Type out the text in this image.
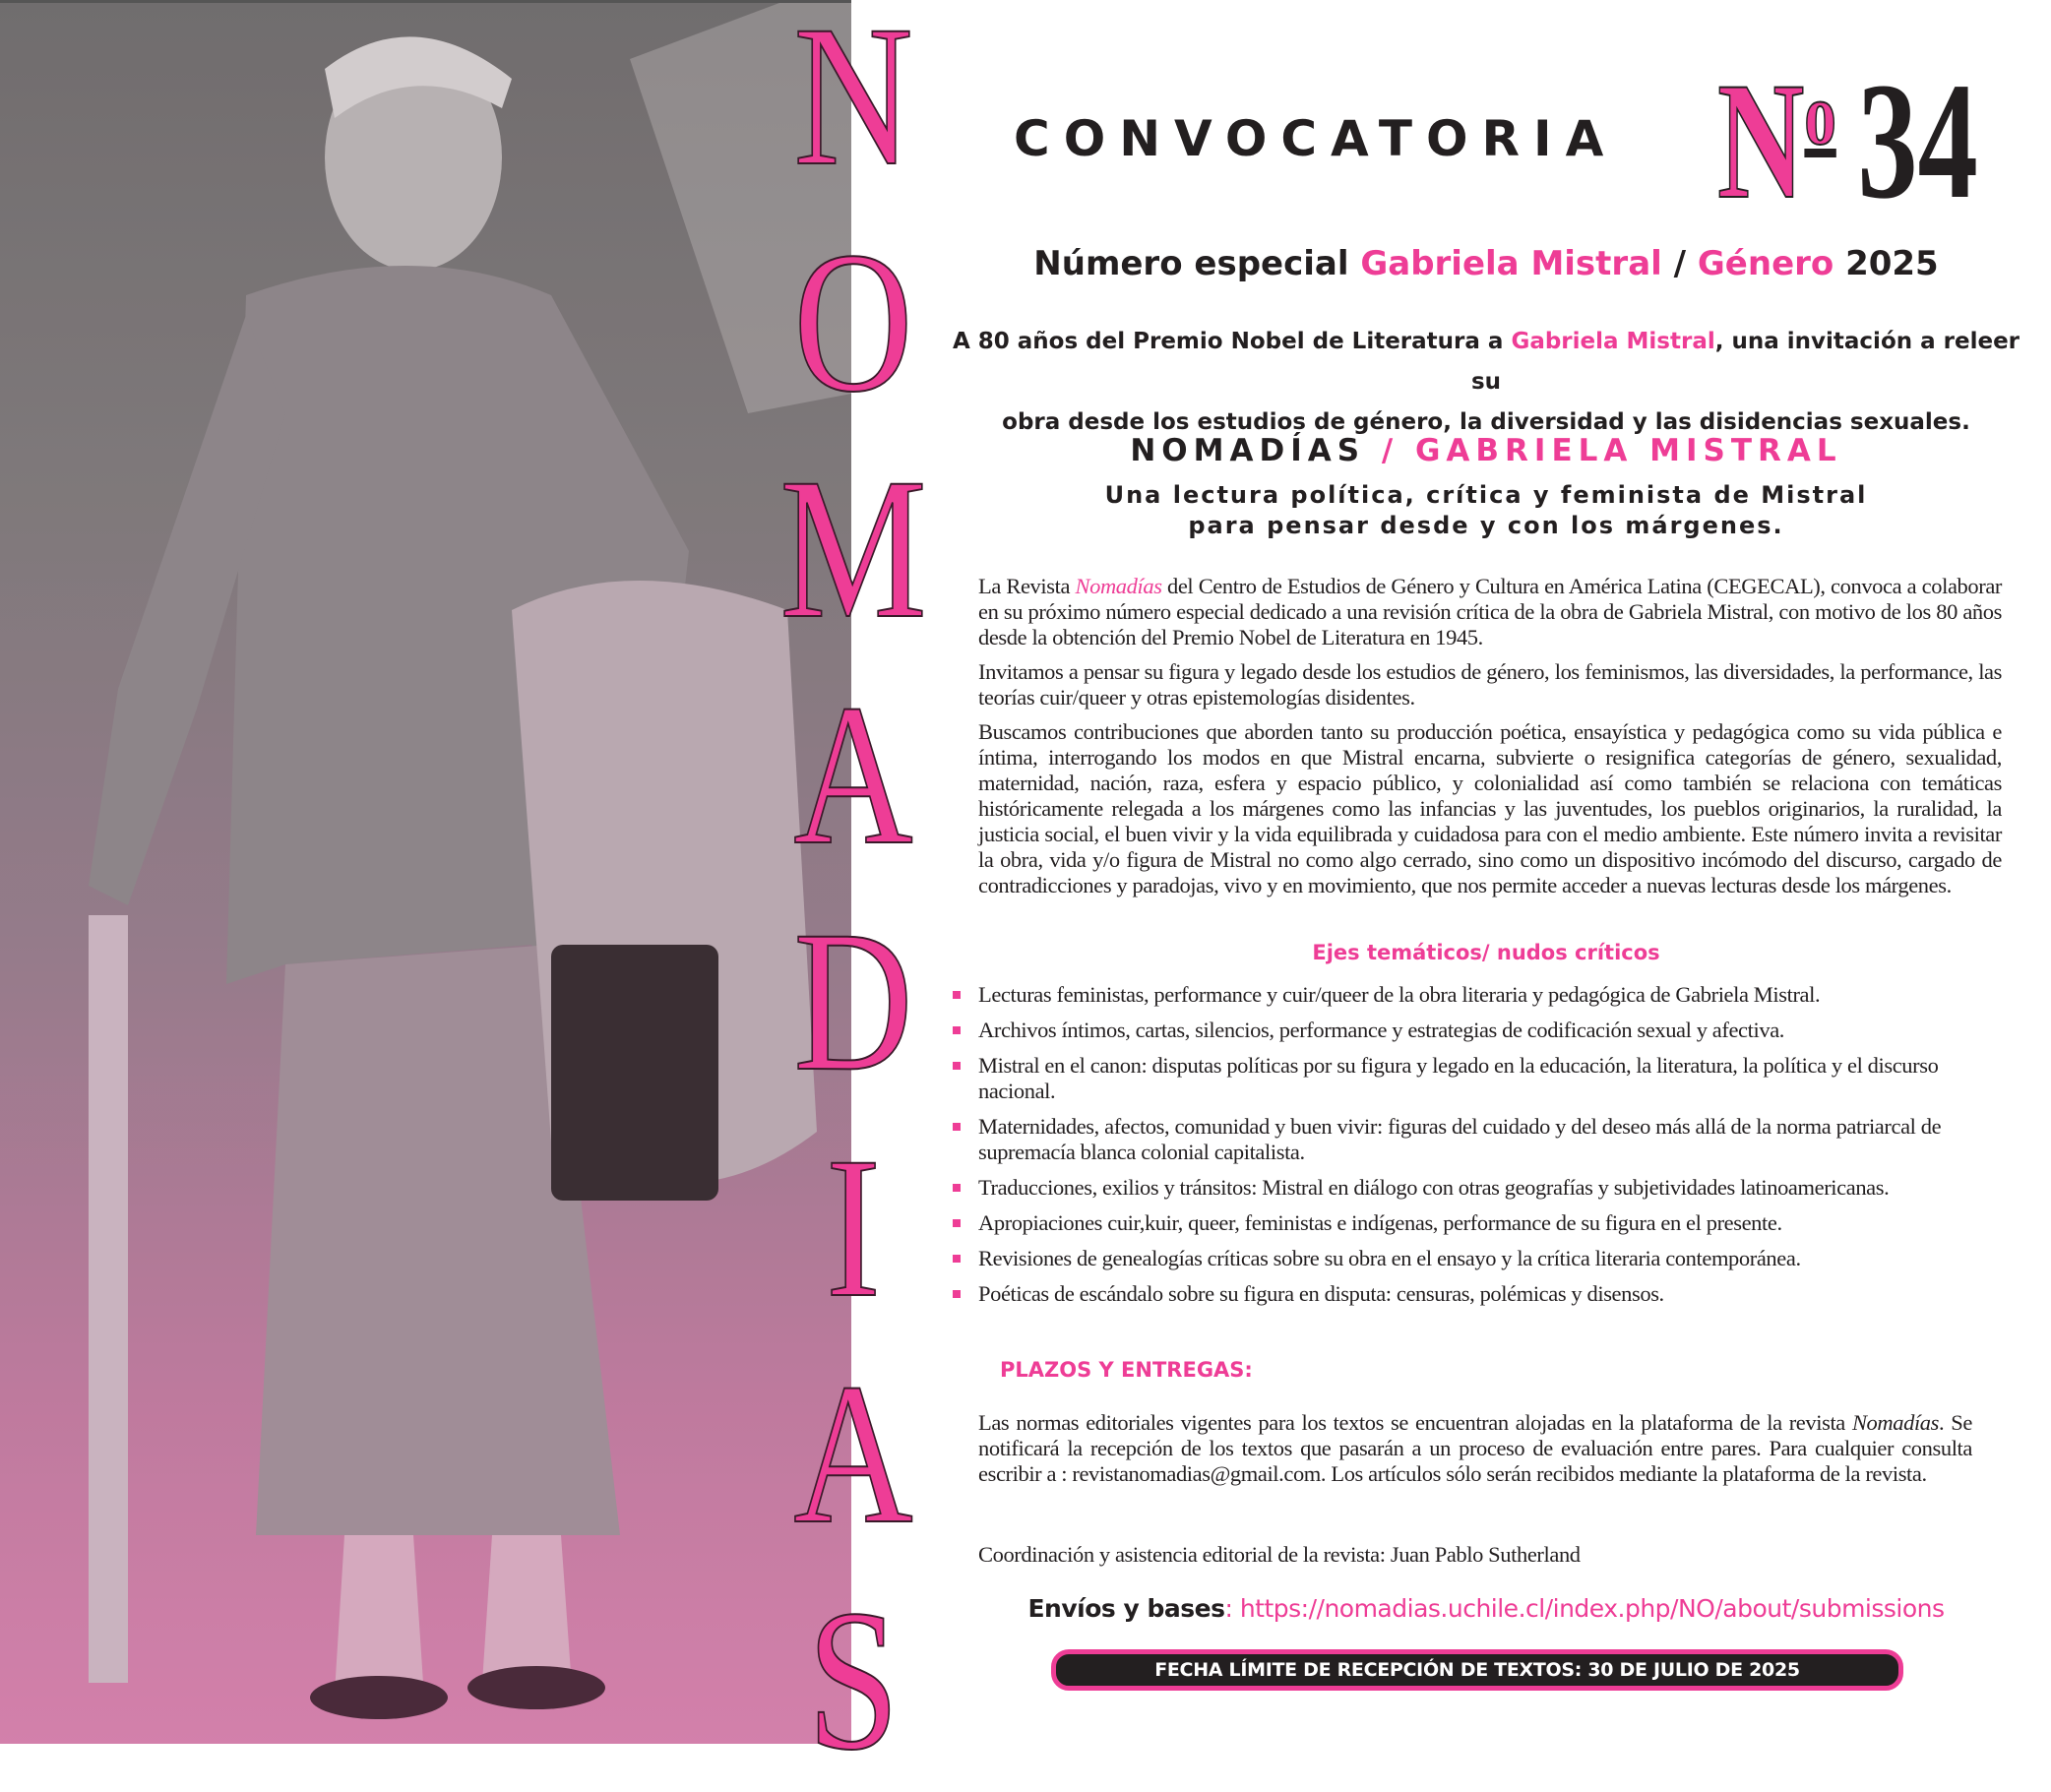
N
O
M
A
D
I
A
S
CONVOCATORIA $N^o$ 34
Número especial Gabriela Mistral / Género 2025
A 80 años del Premio Nobel de Literatura a Gabriela Mistral, una invitación a releer su
obra desde los estudios de género, la diversidad y las disidencias sexuales.
NOMADÍAS / GABRIELA MISTRAL
Una lectura política, crítica y feminista de Mistral
para pensar desde y con los márgenes.

La Revista Nomadías del Centro de Estudios de Género y Cultura en América Latina (CEGECAL), convoca a colaborar en su próximo número especial dedicado a una revisión crítica de la obra de Gabriela Mistral, con motivo de los 80 años desde la obtención del Premio Nobel de Literatura en 1945.

Invitamos a pensar su figura y legado desde los estudios de género, los feminismos, las diversidades, la performance, las teorías cuir/queer y otras epistemologías disidentes.

Buscamos contribuciones que aborden tanto su producción poética, ensayística y pedagógica como su vida pública e íntima, interrogando los modos en que Mistral encarna, subvierte o resignifica categorías de género, sexualidad, maternidad, nación, raza, esfera y espacio público, y colonialidad así como también se relaciona con temáticas históricamente relegada a los márgenes como las infancias y las juventudes, los pueblos originarios, la ruralidad, la justicia social, el buen vivir y la vida equilibrada y cuidadosa para con el medio ambiente. Este número invita a revisitar la obra, vida y/o figura de Mistral no como algo cerrado, sino como un dispositivo incómodo del discurso, cargado de contradicciones y paradojas, vivo y en movimiento, que nos permite acceder a nuevas lecturas desde los márgenes.

Ejes temáticos/ nudos críticos
Lecturas feministas, performance y cuir/queer de la obra literaria y pedagógica de Gabriela Mistral.
Archivos íntimos, cartas, silencios, performance y estrategias de codificación sexual y afectiva.
Mistral en el canon: disputas políticas por su figura y legado en la educación, la literatura, la política y el discurso nacional.
Maternidades, afectos, comunidad y buen vivir: figuras del cuidado y del deseo más allá de la norma patriarcal de supremacía blanca colonial capitalista.
Traducciones, exilios y tránsitos: Mistral en diálogo con otras geografías y subjetividades latinoamericanas.
Apropiaciones cuir,kuir, queer, feministas e indígenas, performance de su figura en el presente.
Revisiones de genealogías críticas sobre su obra en el ensayo y la crítica literaria contemporánea.
Poéticas de escándalo sobre su figura en disputa: censuras, polémicas y disensos.
PLAZOS Y ENTREGAS:

Las normas editoriales vigentes para los textos se encuentran alojadas en la plataforma de la revista Nomadías. Se notificará la recepción de los textos que pasarán a un proceso de evaluación entre pares. Para cualquier consulta escribir a : revistanomadias@gmail.com. Los artículos sólo serán recibidos mediante la plataforma de la revista.

Coordinación y asistencia editorial de la revista: Juan Pablo Sutherland
Envíos y bases: https://nomadias.uchile.cl/index.php/NO/about/submissions
FECHA LÍMITE DE RECEPCIÓN DE TEXTOS: 30 DE JULIO DE 2025
